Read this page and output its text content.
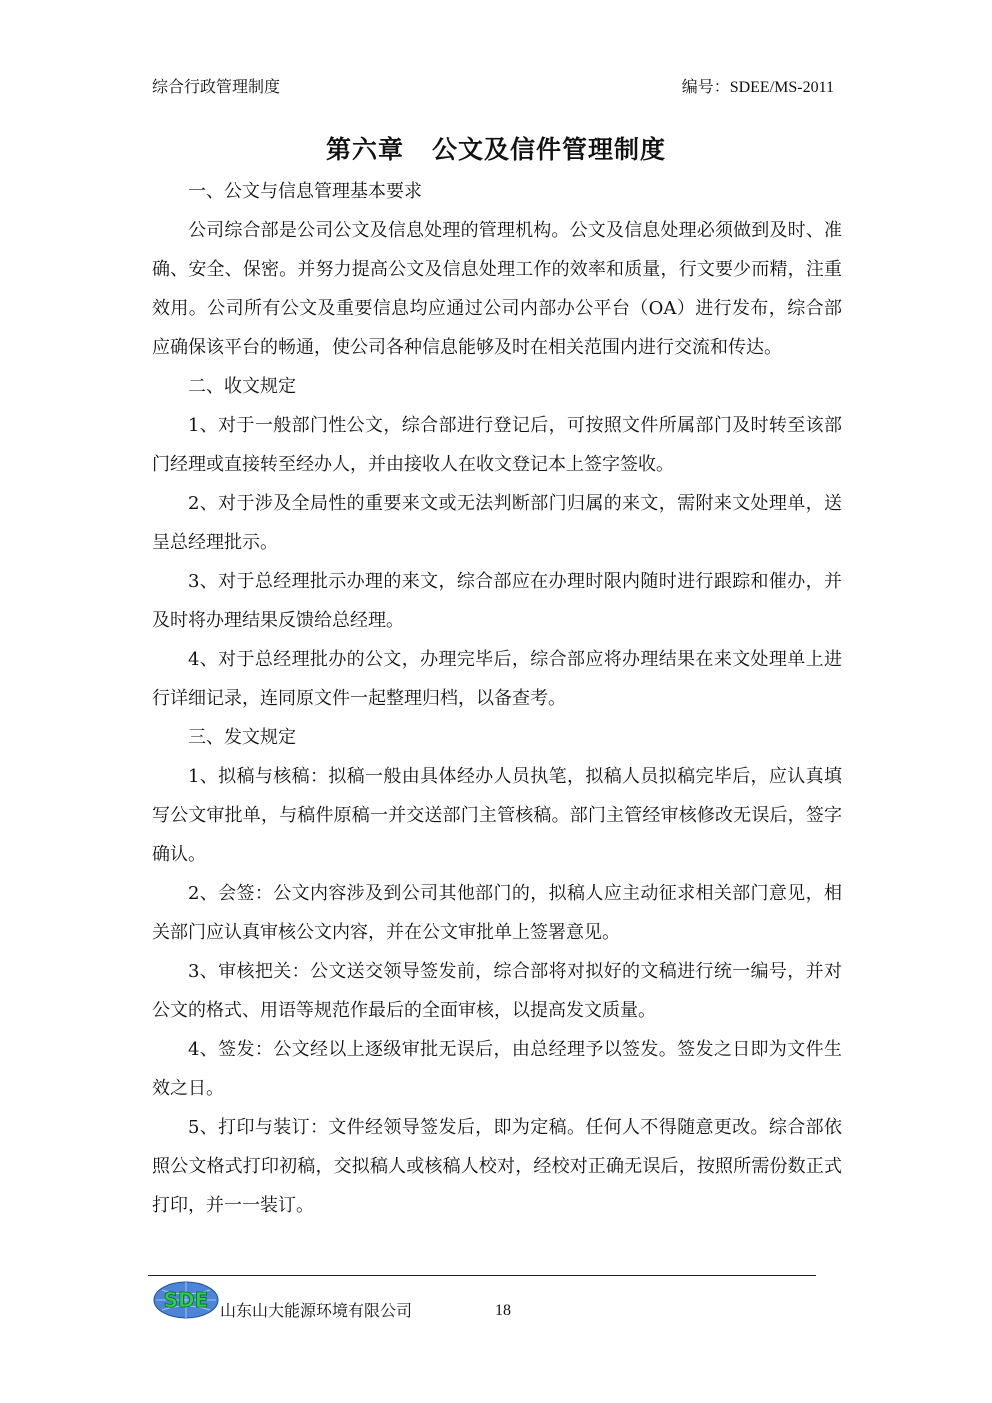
综合行政管理制度	编号：SDEE/MS-2011
第六章 公文及信件管理制度

一、公文与信息管理基本要求

公司综合部是公司公文及信息处理的管理机构。公文及信息处理必须做到及时、准确、安全、保密。并努力提高公文及信息处理工作的效率和质量，行文要少而精，注重效用。公司所有公文及重要信息均应通过公司内部办公平台（OA）进行发布，综合部应确保该平台的畅通，使公司各种信息能够及时在相关范围内进行交流和传达。

二、收文规定

1、对于一般部门性公文，综合部进行登记后，可按照文件所属部门及时转至该部门经理或直接转至经办人，并由接收人在收文登记本上签字签收。

2、对于涉及全局性的重要来文或无法判断部门归属的来文，需附来文处理单，送呈总经理批示。

3、对于总经理批示办理的来文，综合部应在办理时限内随时进行跟踪和催办，并及时将办理结果反馈给总经理。

4、对于总经理批办的公文，办理完毕后，综合部应将办理结果在来文处理单上进行详细记录，连同原文件一起整理归档，以备查考。

三、发文规定

1、拟稿与核稿：拟稿一般由具体经办人员执笔，拟稿人员拟稿完毕后，应认真填写公文审批单，与稿件原稿一并交送部门主管核稿。部门主管经审核修改无误后，签字确认。

2、会签：公文内容涉及到公司其他部门的，拟稿人应主动征求相关部门意见，相关部门应认真审核公文内容，并在公文审批单上签署意见。

3、审核把关：公文送交领导签发前，综合部将对拟好的文稿进行统一编号，并对公文的格式、用语等规范作最后的全面审核，以提高发文质量。

4、签发：公文经以上逐级审批无误后，由总经理予以签发。签发之日即为文件生效之日。

5、打印与装订：文件经领导签发后，即为定稿。任何人不得随意更改。综合部依照公文格式打印初稿，交拟稿人或核稿人校对，经校对正确无误后，按照所需份数正式打印，并一一装订。

SDE 山东山大能源环境有限公司	18
